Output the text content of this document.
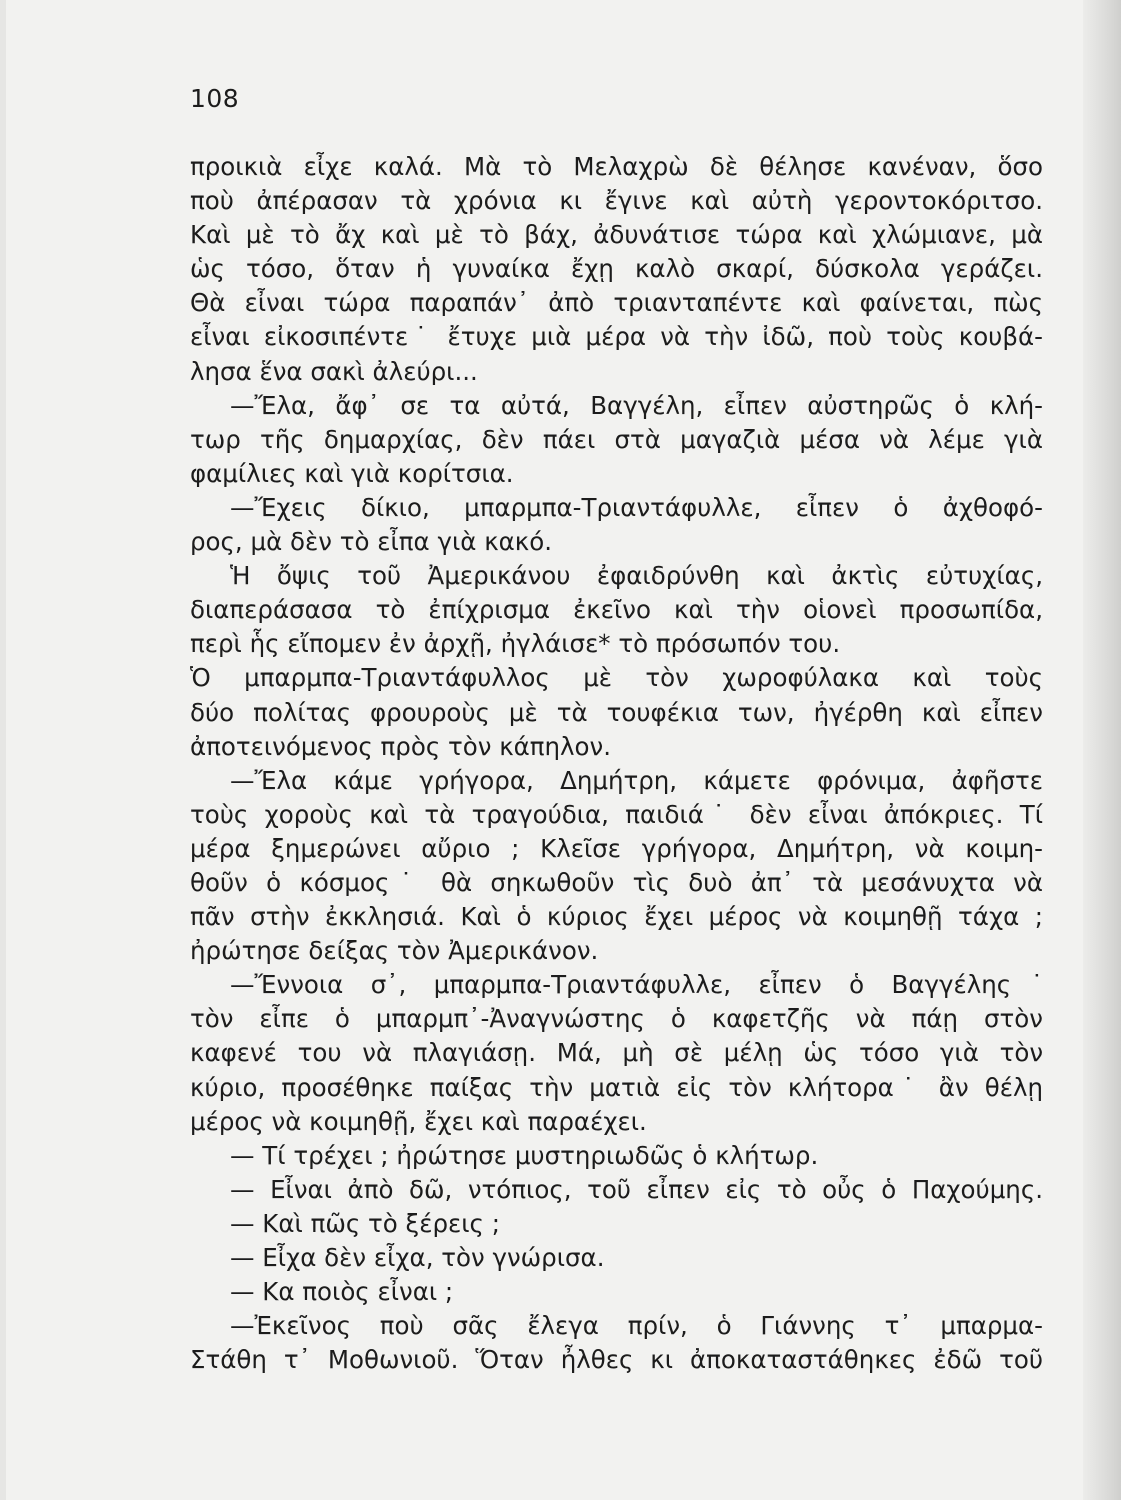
108
προικιὰ εἶχε καλά. Μὰ τὸ Μελαχρὼ δὲ θέλησε κανέναν, ὅσο
ποὺ ἀπέρασαν τὰ χρόνια κι ἔγινε καὶ αὐτὴ γεροντοκόριτσο.
Καὶ μὲ τὸ ἄχ καὶ μὲ τὸ βάχ, ἀδυνάτισε τώρα καὶ χλώμιανε, μὰ
ὡς τόσο, ὅταν ἡ γυναίκα ἔχῃ καλὸ σκαρί, δύσκολα γεράζει.
Θὰ εἶναι τώρα παραπάν᾿ ἀπὸ τριανταπέντε καὶ φαίνεται, πὼς
εἶναι εἰκοσιπέντε˙ ἔτυχε μιὰ μέρα νὰ τὴν ἰδῶ, ποὺ τοὺς κουβά-
λησα ἕνα σακὶ ἀλεύρι...
—Ἔλα, ἄφ᾿ σε τα αὐτά, Βαγγέλη, εἶπεν αὐστηρῶς ὁ κλή-
τωρ τῆς δημαρχίας, δὲν πάει στὰ μαγαζιὰ μέσα νὰ λέμε γιὰ
φαμίλιες καὶ γιὰ κορίτσια.
—Ἔχεις δίκιο, μπαρμπα-Τριαντάφυλλε, εἶπεν ὁ ἀχθοφό-
ρος, μὰ δὲν τὸ εἶπα γιὰ κακό.
Ἡ ὄψις τοῦ Ἀμερικάνου ἐφαιδρύνθη καὶ ἀκτὶς εὐτυχίας,
διαπεράσασα τὸ ἐπίχρισμα ἐκεῖνο καὶ τὴν οἱονεὶ προσωπίδα,
περὶ ἧς εἴπομεν ἐν ἀρχῇ, ἠγλάισε* τὸ πρόσωπόν του.
Ὁ μπαρμπα-Τριαντάφυλλος μὲ τὸν χωροφύλακα καὶ τοὺς
δύο πολίτας φρουροὺς μὲ τὰ τουφέκια των, ἠγέρθη καὶ εἶπεν
ἀποτεινόμενος πρὸς τὸν κάπηλον.
—Ἔλα κάμε γρήγορα, Δημήτρη, κάμετε φρόνιμα, ἀφῆστε
τοὺς χοροὺς καὶ τὰ τραγούδια, παιδιά˙ δὲν εἶναι ἀπόκριες. Τί
μέρα ξημερώνει αὔριο ; Κλεῖσε γρήγορα, Δημήτρη, νὰ κοιμη-
θοῦν ὁ κόσμος˙ θὰ σηκωθοῦν τὶς δυὸ ἀπ᾿ τὰ μεσάνυχτα νὰ
πᾶν στὴν ἐκκλησιά. Καὶ ὁ κύριος ἔχει μέρος νὰ κοιμηθῇ τάχα ;
ἠρώτησε δείξας τὸν Ἀμερικάνον.
—Ἔννοια σ᾿, μπαρμπα-Τριαντάφυλλε, εἶπεν ὁ Βαγγέλης˙
τὸν εἶπε ὁ μπαρμπ᾿-Ἀναγνώστης ὁ καφετζῆς νὰ πάῃ στὸν
καφενέ του νὰ πλαγιάσῃ. Μά, μὴ σὲ μέλῃ ὡς τόσο γιὰ τὸν
κύριο, προσέθηκε παίξας τὴν ματιὰ εἰς τὸν κλήτορα˙ ἂν θέλῃ
μέρος νὰ κοιμηθῇ, ἔχει καὶ παραέχει.
— Τί τρέχει ; ἠρώτησε μυστηριωδῶς ὁ κλήτωρ.
— Εἶναι ἀπὸ δῶ, ντόπιος, τοῦ εἶπεν εἰς τὸ οὖς ὁ Παχούμης.
— Καὶ πῶς τὸ ξέρεις ;
— Εἶχα δὲν εἶχα, τὸν γνώρισα.
— Κα ποιὸς εἶναι ;
—Ἐκεῖνος ποὺ σᾶς ἔλεγα πρίν, ὁ Γιάννης τ᾿ μπαρμα-
Στάθη τ᾿ Μοθωνιοῦ. Ὅταν ἦλθες κι ἀποκαταστάθηκες ἐδῶ τοῦ
